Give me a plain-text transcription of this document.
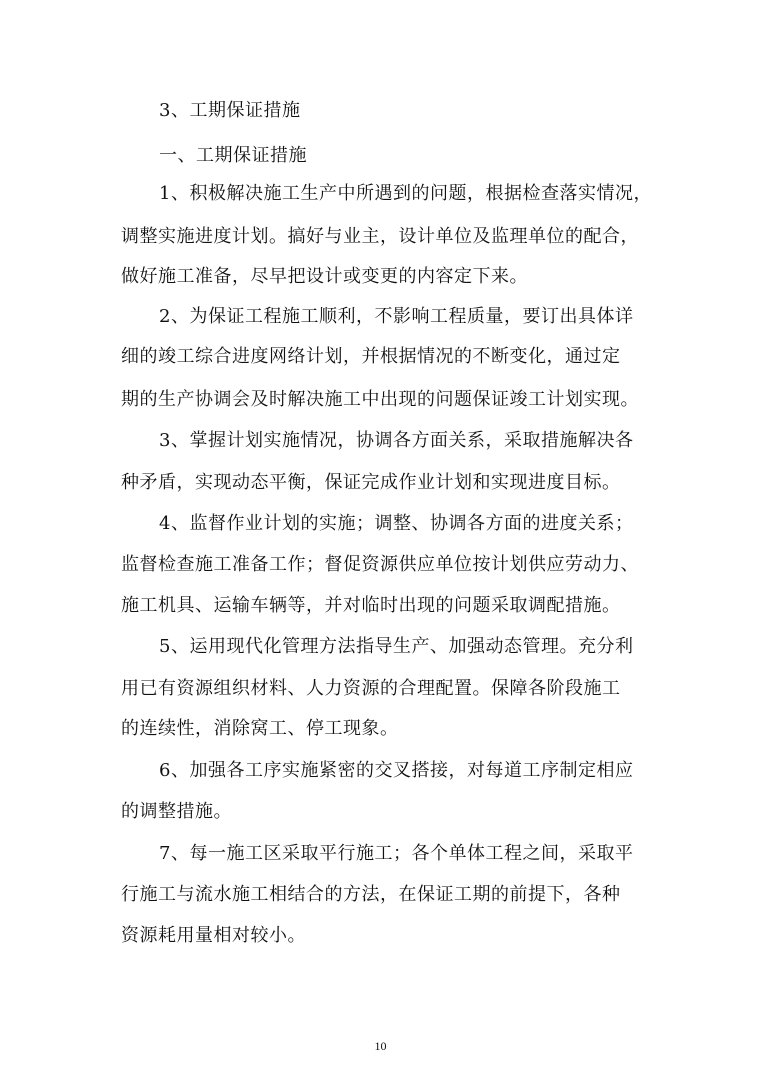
3、工期保证措施
一、工期保证措施
1、积极解决施工生产中所遇到的问题，根据检查落实情况，
调整实施进度计划。搞好与业主，设计单位及监理单位的配合，
做好施工准备，尽早把设计或变更的内容定下来。
2、为保证工程施工顺利，不影响工程质量，要订出具体详
细的竣工综合进度网络计划，并根据情况的不断变化，通过定
期的生产协调会及时解决施工中出现的问题保证竣工计划实现。
3、掌握计划实施情况，协调各方面关系，采取措施解决各
种矛盾，实现动态平衡，保证完成作业计划和实现进度目标。
4、监督作业计划的实施；调整、协调各方面的进度关系；
监督检查施工准备工作；督促资源供应单位按计划供应劳动力、
施工机具、运输车辆等，并对临时出现的问题采取调配措施。
5、运用现代化管理方法指导生产、加强动态管理。充分利
用已有资源组织材料、人力资源的合理配置。保障各阶段施工
的连续性，消除窝工、停工现象。
6、加强各工序实施紧密的交叉搭接，对每道工序制定相应
的调整措施。
7、每一施工区采取平行施工；各个单体工程之间，采取平
行施工与流水施工相结合的方法，在保证工期的前提下，各种
资源耗用量相对较小。
10
